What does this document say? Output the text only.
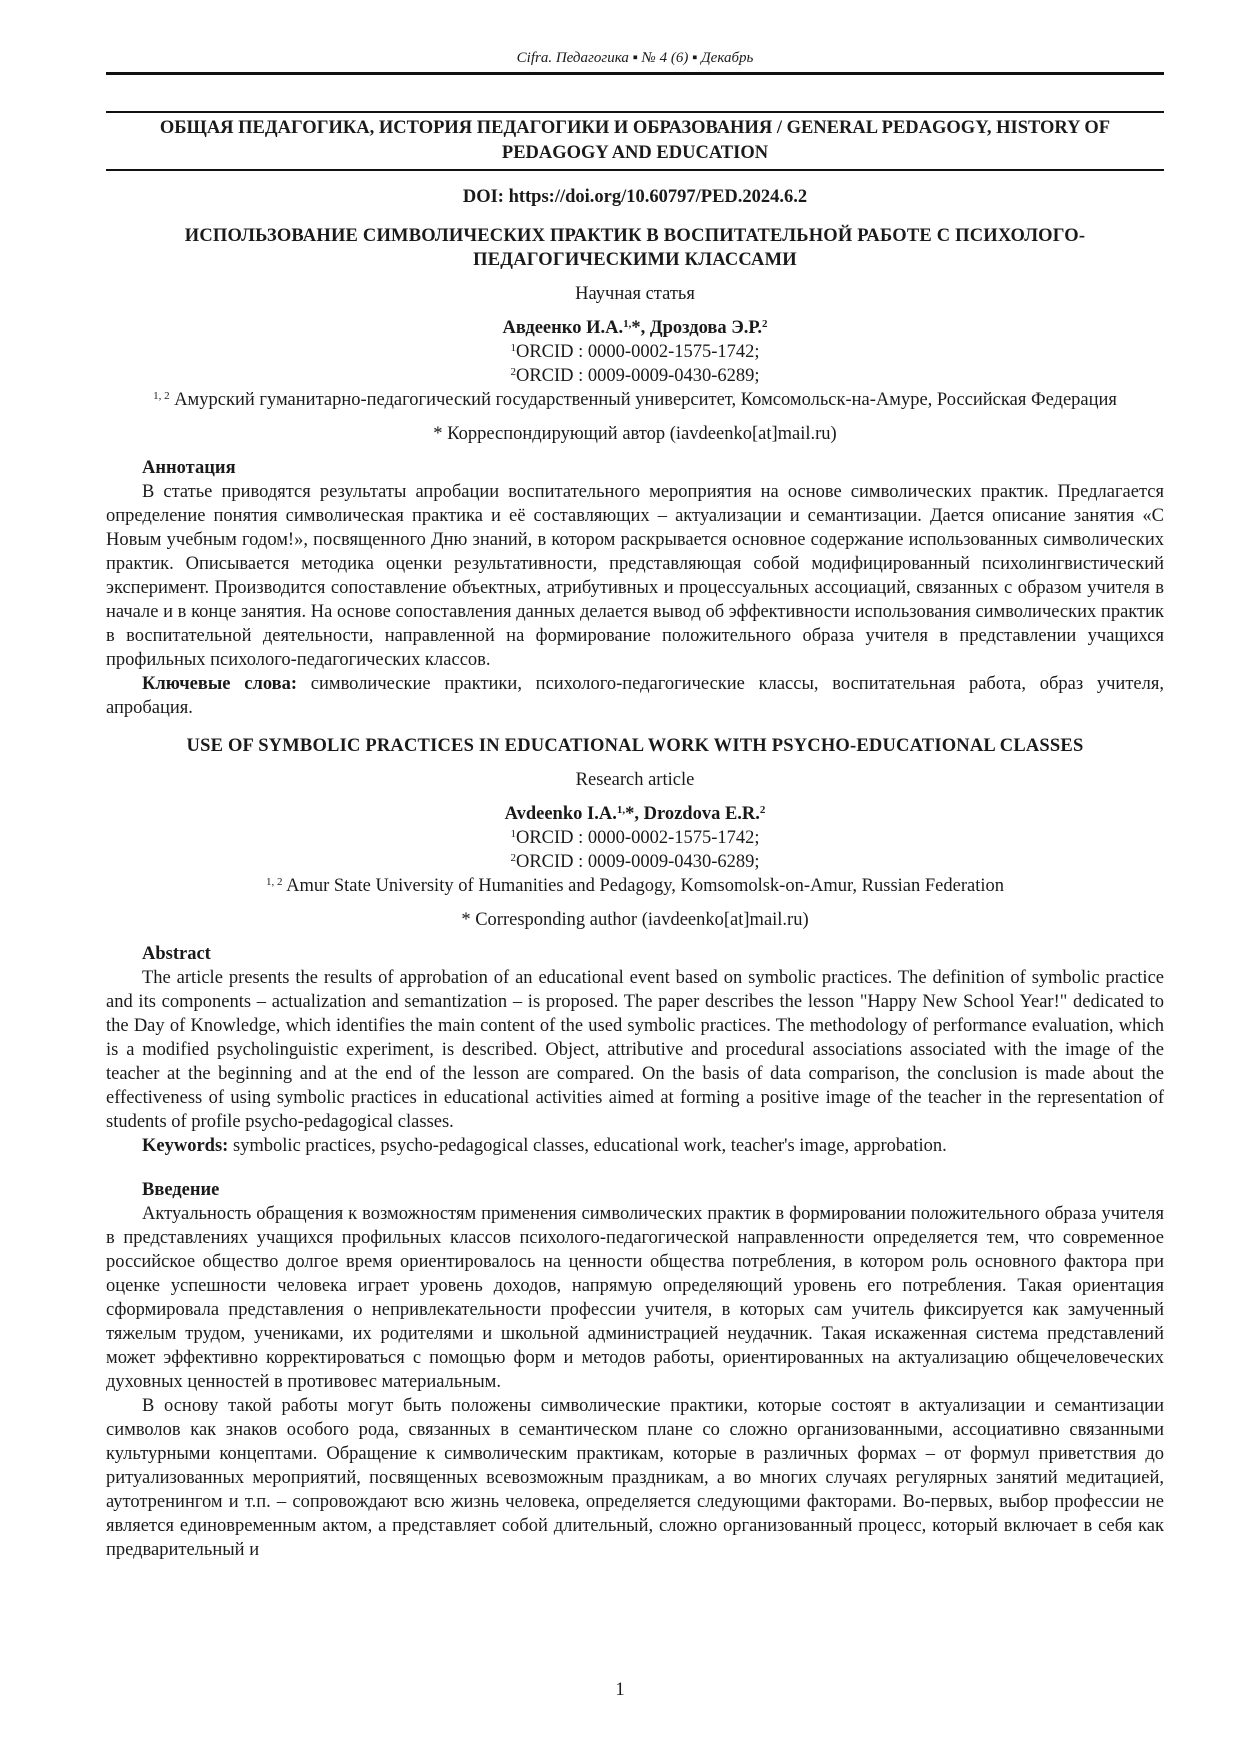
Cifra. Педагогика ▪ № 4 (6) ▪ Декабрь
ОБЩАЯ ПЕДАГОГИКА, ИСТОРИЯ ПЕДАГОГИКИ И ОБРАЗОВАНИЯ / GENERAL PEDAGOGY, HISTORY OF PEDAGOGY AND EDUCATION
DOI: https://doi.org/10.60797/PED.2024.6.2
ИСПОЛЬЗОВАНИЕ СИМВОЛИЧЕСКИХ ПРАКТИК В ВОСПИТАТЕЛЬНОЙ РАБОТЕ С ПСИХОЛОГО-ПЕДАГОГИЧЕСКИМИ КЛАССАМИ
Научная статья
Авдеенко И.А.$^{1,}$*, Дроздова Э.Р.$^2$
$^1$ORCID : 0000-0002-1575-1742;
$^2$ORCID : 0009-0009-0430-6289;
$^{1, 2}$ Амурский гуманитарно-педагогический государственный университет, Комсомольск-на-Амуре, Российская Федерация
* Корреспондирующий автор (iavdeenko[at]mail.ru)
Аннотация

В статье приводятся результаты апробации воспитательного мероприятия на основе символических практик. Предлагается определение понятия символическая практика и её составляющих – актуализации и семантизации. Дается описание занятия «С Новым учебным годом!», посвященного Дню знаний, в котором раскрывается основное содержание использованных символических практик. Описывается методика оценки результативности, представляющая собой модифицированный психолингвистический эксперимент. Производится сопоставление объектных, атрибутивных и процессуальных ассоциаций, связанных с образом учителя в начале и в конце занятия. На основе сопоставления данных делается вывод об эффективности использования символических практик в воспитательной деятельности, направленной на формирование положительного образа учителя в представлении учащихся профильных психолого-педагогических классов.

Ключевые слова: символические практики, психолого-педагогические классы, воспитательная работа, образ учителя, апробация.

USE OF SYMBOLIC PRACTICES IN EDUCATIONAL WORK WITH PSYCHO-EDUCATIONAL CLASSES
Research article
Avdeenko I.A.$^{1,}$*, Drozdova E.R.$^2$
$^1$ORCID : 0000-0002-1575-1742;
$^2$ORCID : 0009-0009-0430-6289;
$^{1, 2}$ Amur State University of Humanities and Pedagogy, Komsomolsk-on-Amur, Russian Federation
* Corresponding author (iavdeenko[at]mail.ru)
Abstract

The article presents the results of approbation of an educational event based on symbolic practices. The definition of symbolic practice and its components – actualization and semantization – is proposed. The paper describes the lesson "Happy New School Year!" dedicated to the Day of Knowledge, which identifies the main content of the used symbolic practices. The methodology of performance evaluation, which is a modified psycholinguistic experiment, is described. Object, attributive and procedural associations associated with the image of the teacher at the beginning and at the end of the lesson are compared. On the basis of data comparison, the conclusion is made about the effectiveness of using symbolic practices in educational activities aimed at forming a positive image of the teacher in the representation of students of profile psycho-pedagogical classes.

Keywords: symbolic practices, psycho-pedagogical classes, educational work, teacher's image, approbation.

Введение

Актуальность обращения к возможностям применения символических практик в формировании положительного образа учителя в представлениях учащихся профильных классов психолого-педагогической направленности определяется тем, что современное российское общество долгое время ориентировалось на ценности общества потребления, в котором роль основного фактора при оценке успешности человека играет уровень доходов, напрямую определяющий уровень его потребления. Такая ориентация сформировала представления о непривлекательности профессии учителя, в которых сам учитель фиксируется как замученный тяжелым трудом, учениками, их родителями и школьной администрацией неудачник. Такая искаженная система представлений может эффективно корректироваться с помощью форм и методов работы, ориентированных на актуализацию общечеловеческих духовных ценностей в противовес материальным.

В основу такой работы могут быть положены символические практики, которые состоят в актуализации и семантизации символов как знаков особого рода, связанных в семантическом плане со сложно организованными, ассоциативно связанными культурными концептами. Обращение к символическим практикам, которые в различных формах – от формул приветствия до ритуализованных мероприятий, посвященных всевозможным праздникам, а во многих случаях регулярных занятий медитацией, аутотренингом и т.п. – сопровождают всю жизнь человека, определяется следующими факторами. Во-первых, выбор профессии не является единовременным актом, а представляет собой длительный, сложно организованный процесс, который включает в себя как предварительный и

1
